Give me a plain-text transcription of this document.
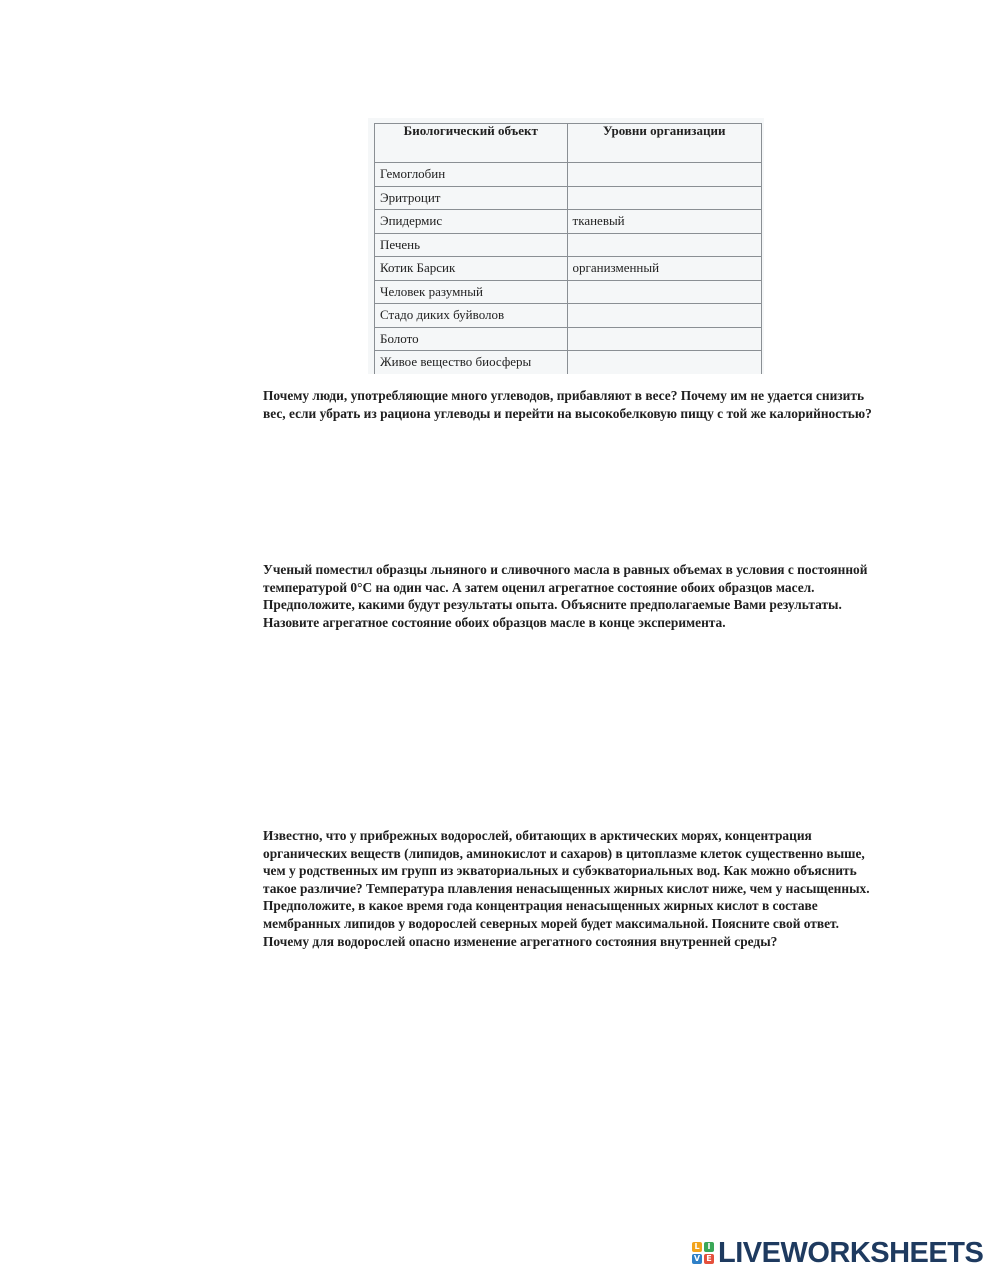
Биологический объект	Уровни организации
Гемоглобин	
Эритроцит	
Эпидермис	тканевый
Печень	
Котик Барсик	организменный
Человек разумный	
Стадо диких буйволов	
Болото	
Живое вещество биосферы	

Почему люди, употребляющие много углеводов, прибавляют в весе? Почему им не удается снизить вес, если убрать из рациона углеводы и перейти на высокобелковую пищу с той же калорийностью?

Ученый поместил образцы льняного и сливочного масла в равных объемах в условия с постоянной температурой 0°С на один час. А затем оценил агрегатное состояние обоих образцов масел. Предположите, какими будут результаты опыта. Объясните предполагаемые Вами результаты. Назовите агрегатное состояние обоих образцов масле в конце эксперимента.

Известно, что у прибрежных водорослей, обитающих в арктических морях, концентрация органических веществ (липидов, аминокислот и сахаров) в цитоплазме клеток существенно выше, чем у родственных им групп из экваториальных и субэкваториальных вод. Как можно объяснить такое различие? Температура плавления ненасыщенных жирных кислот ниже, чем у насыщенных. Предположите, в какое время года концентрация ненасыщенных жирных кислот в составе мембранных липидов у водорослей северных морей будет максимальной. Поясните свой ответ. Почему для водорослей опасно изменение агрегатного состояния внутренней среды?

L I
V E LIVEWORKSHEETS
